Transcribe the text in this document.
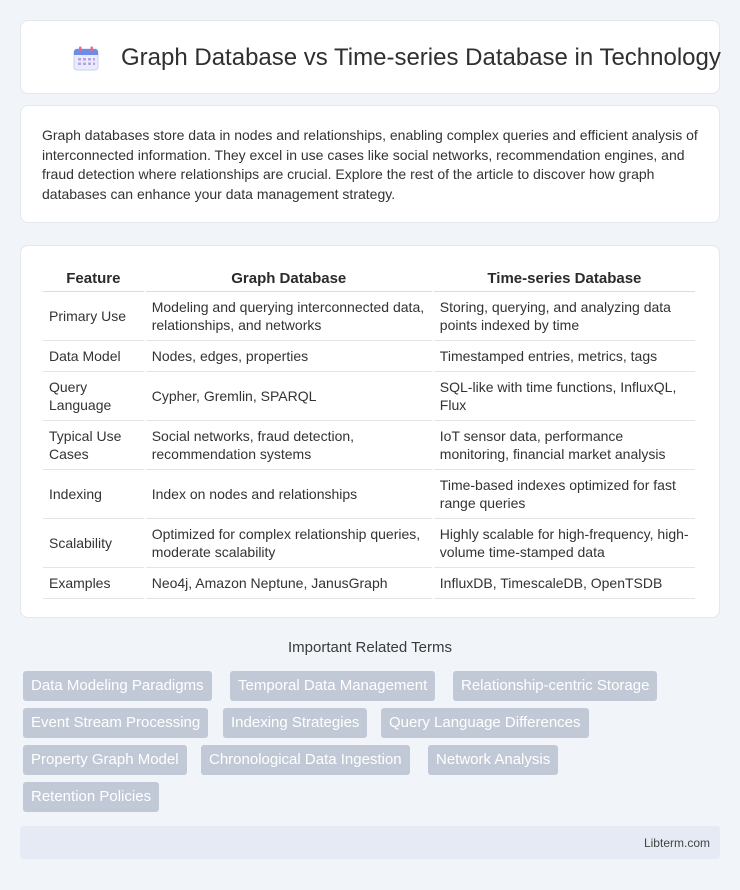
Graph Database vs Time-series Database in Technology

Graph databases store data in nodes and relationships, enabling complex queries and efficient analysis of interconnected information. They excel in use cases like social networks, recommendation engines, and fraud detection where relationships are crucial. Explore the rest of the article to discover how graph databases can enhance your data management strategy.

Feature	Graph Database	Time-series Database
Primary Use	Modeling and querying interconnected data, relationships, and networks	Storing, querying, and analyzing data points indexed by time
Data Model	Nodes, edges, properties	Timestamped entries, metrics, tags
Query Language	Cypher, Gremlin, SPARQL	SQL-like with time functions, InfluxQL, Flux
Typical Use Cases	Social networks, fraud detection, recommendation systems	IoT sensor data, performance monitoring, financial market analysis
Indexing	Index on nodes and relationships	Time-based indexes optimized for fast range queries
Scalability	Optimized for complex relationship queries, moderate scalability	Highly scalable for high-frequency, high-volume time-stamped data
Examples	Neo4j, Amazon Neptune, JanusGraph	InfluxDB, TimescaleDB, OpenTSDB
Important Related Terms
Data Modeling Paradigms	Temporal Data Management	Relationship-centric Storage
Event Stream Processing	Indexing Strategies	Query Language Differences
Property Graph Model	Chronological Data Ingestion	Network Analysis
Retention Policies
Libterm.com
